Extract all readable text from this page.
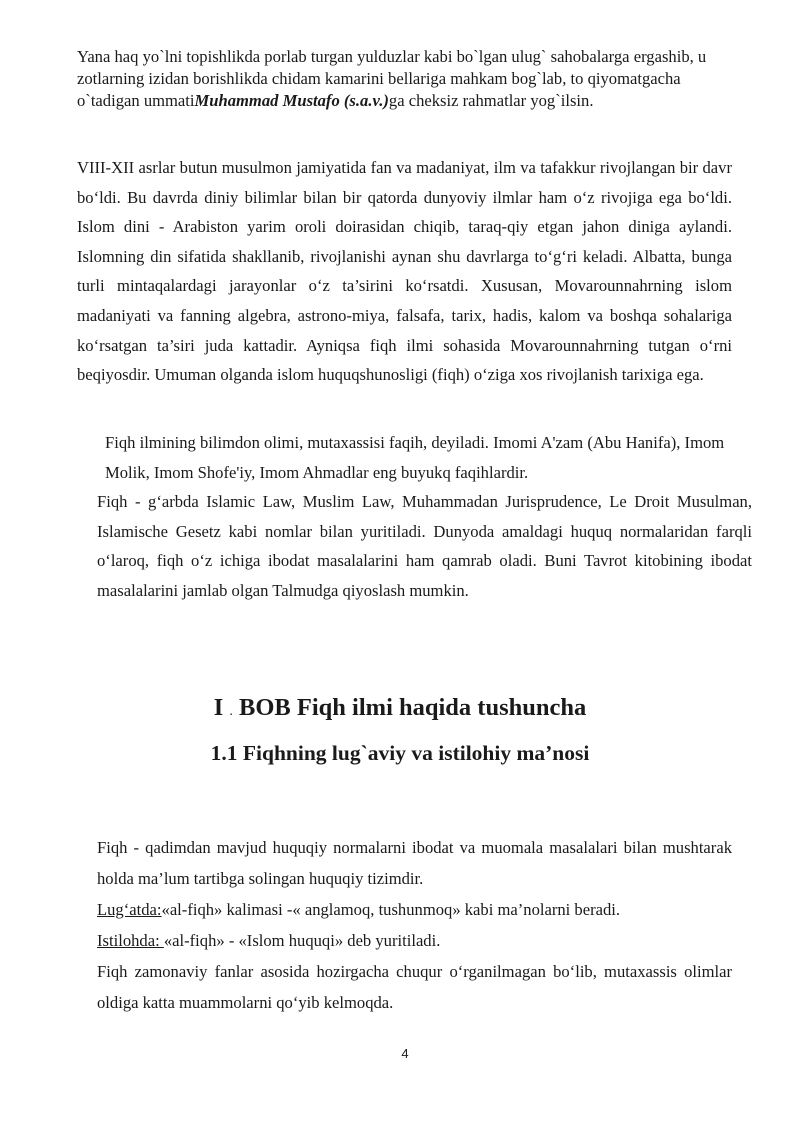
Yana haq yo`lni topishlikda porlab turgan yulduzlar kabi bo`lgan ulug` sahobalarga ergashib, u zotlarning izidan borishlikda chidam kamarini bellariga mahkam bog`lab, to qiyomatgacha o`tadigan ummatiMuhammad Mustafo (s.a.v.)ga cheksiz rahmatlar yog`ilsin.

VIII-XII asrlar butun musulmon jamiyatida fan va madaniyat, ilm va tafakkur rivojlangan bir davr bo‘ldi. Bu davrda diniy bilimlar bilan bir qatorda dunyoviy ilmlar ham o‘z rivojiga ega bo‘ldi. Islom dini - Arabiston yarim oroli doirasidan chiqib, taraq-qiy etgan jahon diniga aylandi. Islomning din sifatida shakllanib, rivojlanishi aynan shu davrlarga to‘g‘ri keladi. Albatta, bunga turli mintaqalardagi jarayonlar o‘z ta’sirini ko‘rsatdi. Xususan, Movarounnahrning islom madaniyati va fanning algebra, astrono-miya, falsafa, tarix, hadis, kalom va boshqa sohalariga ko‘rsatgan ta’siri juda kattadir. Ayniqsa fiqh ilmi sohasida Movarounnahrning tutgan o‘rni beqiyosdir. Umuman olganda islom huquqshunosligi (fiqh) o‘ziga xos rivojlanish tarixiga ega.

Fiqh ilmining bilimdon olimi, mutaxassisi faqih, deyiladi. Imomi A'zam (Abu Hanifa), Imom Molik, Imom Shofe'iy, Imom Ahmadlar eng buyukq faqihlardir.

Fiqh - g‘arbda Islamic Law, Muslim Law, Muhammadan Jurisprudence, Le Droit Musulman, Islamische Gesetz kabi nomlar bilan yuritiladi. Dunyoda amaldagi huquq normalaridan farqli o‘laroq, fiqh o‘z ichiga ibodat masalalarini ham qamrab oladi. Buni Tavrot kitobining ibodat masalalarini jamlab olgan Talmudga qiyoslash mumkin.

I . BOB Fiqh ilmi haqida tushuncha
1.1 Fiqhning lug`aviy va istilohiy ma’nosi
Fiqh - qadimdan mavjud huquqiy normalarni ibodat va muomala masalalari bilan mushtarak holda ma’lum tartibga solingan huquqiy tizimdir.
Lug‘atda:«al-fiqh» kalimasi -« anglamoq, tushunmoq» kabi ma’nolarni beradi.
Istilohda: «al-fiqh» - «Islom huquqi» deb yuritiladi.
Fiqh zamonaviy fanlar asosida hozirgacha chuqur o‘rganilmagan bo‘lib, mutaxassis olimlar oldiga katta muammolarni qo‘yib kelmoqda.
4
